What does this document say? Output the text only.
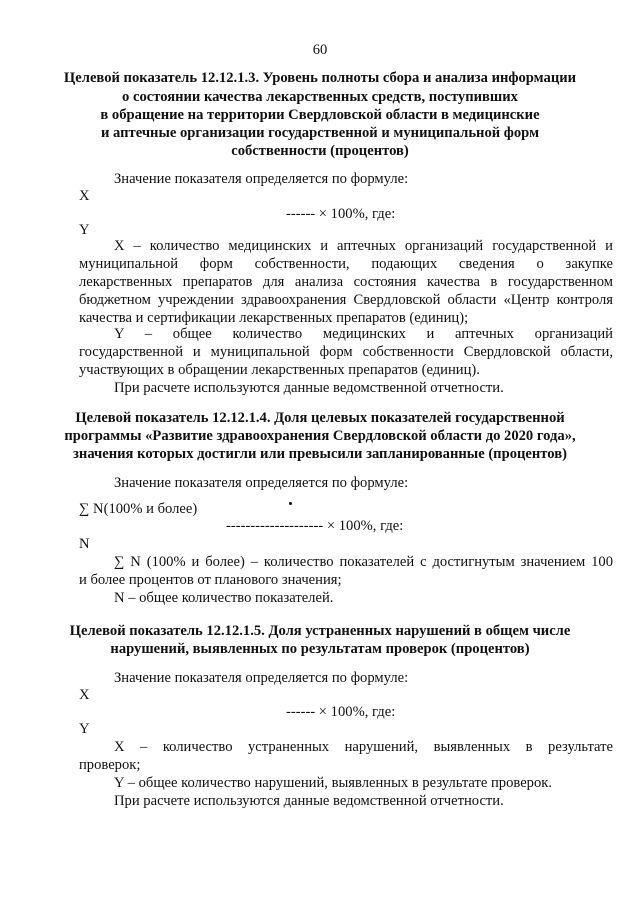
60
Целевой показатель 12.12.1.3. Уровень полноты сбора и анализа информации
о состоянии качества лекарственных средств, поступивших
в обращение на территории Свердловской области в медицинские
и аптечные организации государственной и муниципальной форм
собственности (процентов)
Значение показателя определяется по формуле:
X
------ × 100%, где:
Y
X – количество медицинских и аптечных организаций государственной и
муниципальной форм собственности, подающих сведения о закупке
лекарственных препаратов для анализа состояния качества в государственном
бюджетном учреждении здравоохранения Свердловской области «Центр контроля
качества и сертификации лекарственных препаратов (единиц);
Y – общее количество медицинских и аптечных организаций
государственной и муниципальной форм собственности Свердловской области,
участвующих в обращении лекарственных препаратов (единиц).
При расчете используются данные ведомственной отчетности.
Целевой показатель 12.12.1.4. Доля целевых показателей государственной
программы «Развитие здравоохранения Свердловской области до 2020 года»,
значения которых достигли или превысили запланированные (процентов)
Значение показателя определяется по формуле:
∑ N(100% и более)
-------------------- × 100%, где:
N
∑ N (100% и более) – количество показателей с достигнутым значением 100
и более процентов от планового значения;
N – общее количество показателей.
Целевой показатель 12.12.1.5. Доля устраненных нарушений в общем числе
нарушений, выявленных по результатам проверок (процентов)
Значение показателя определяется по формуле:
X
------ × 100%, где:
Y
X – количество устраненных нарушений, выявленных в результате
проверок;
Y – общее количество нарушений, выявленных в результате проверок.
При расчете используются данные ведомственной отчетности.
